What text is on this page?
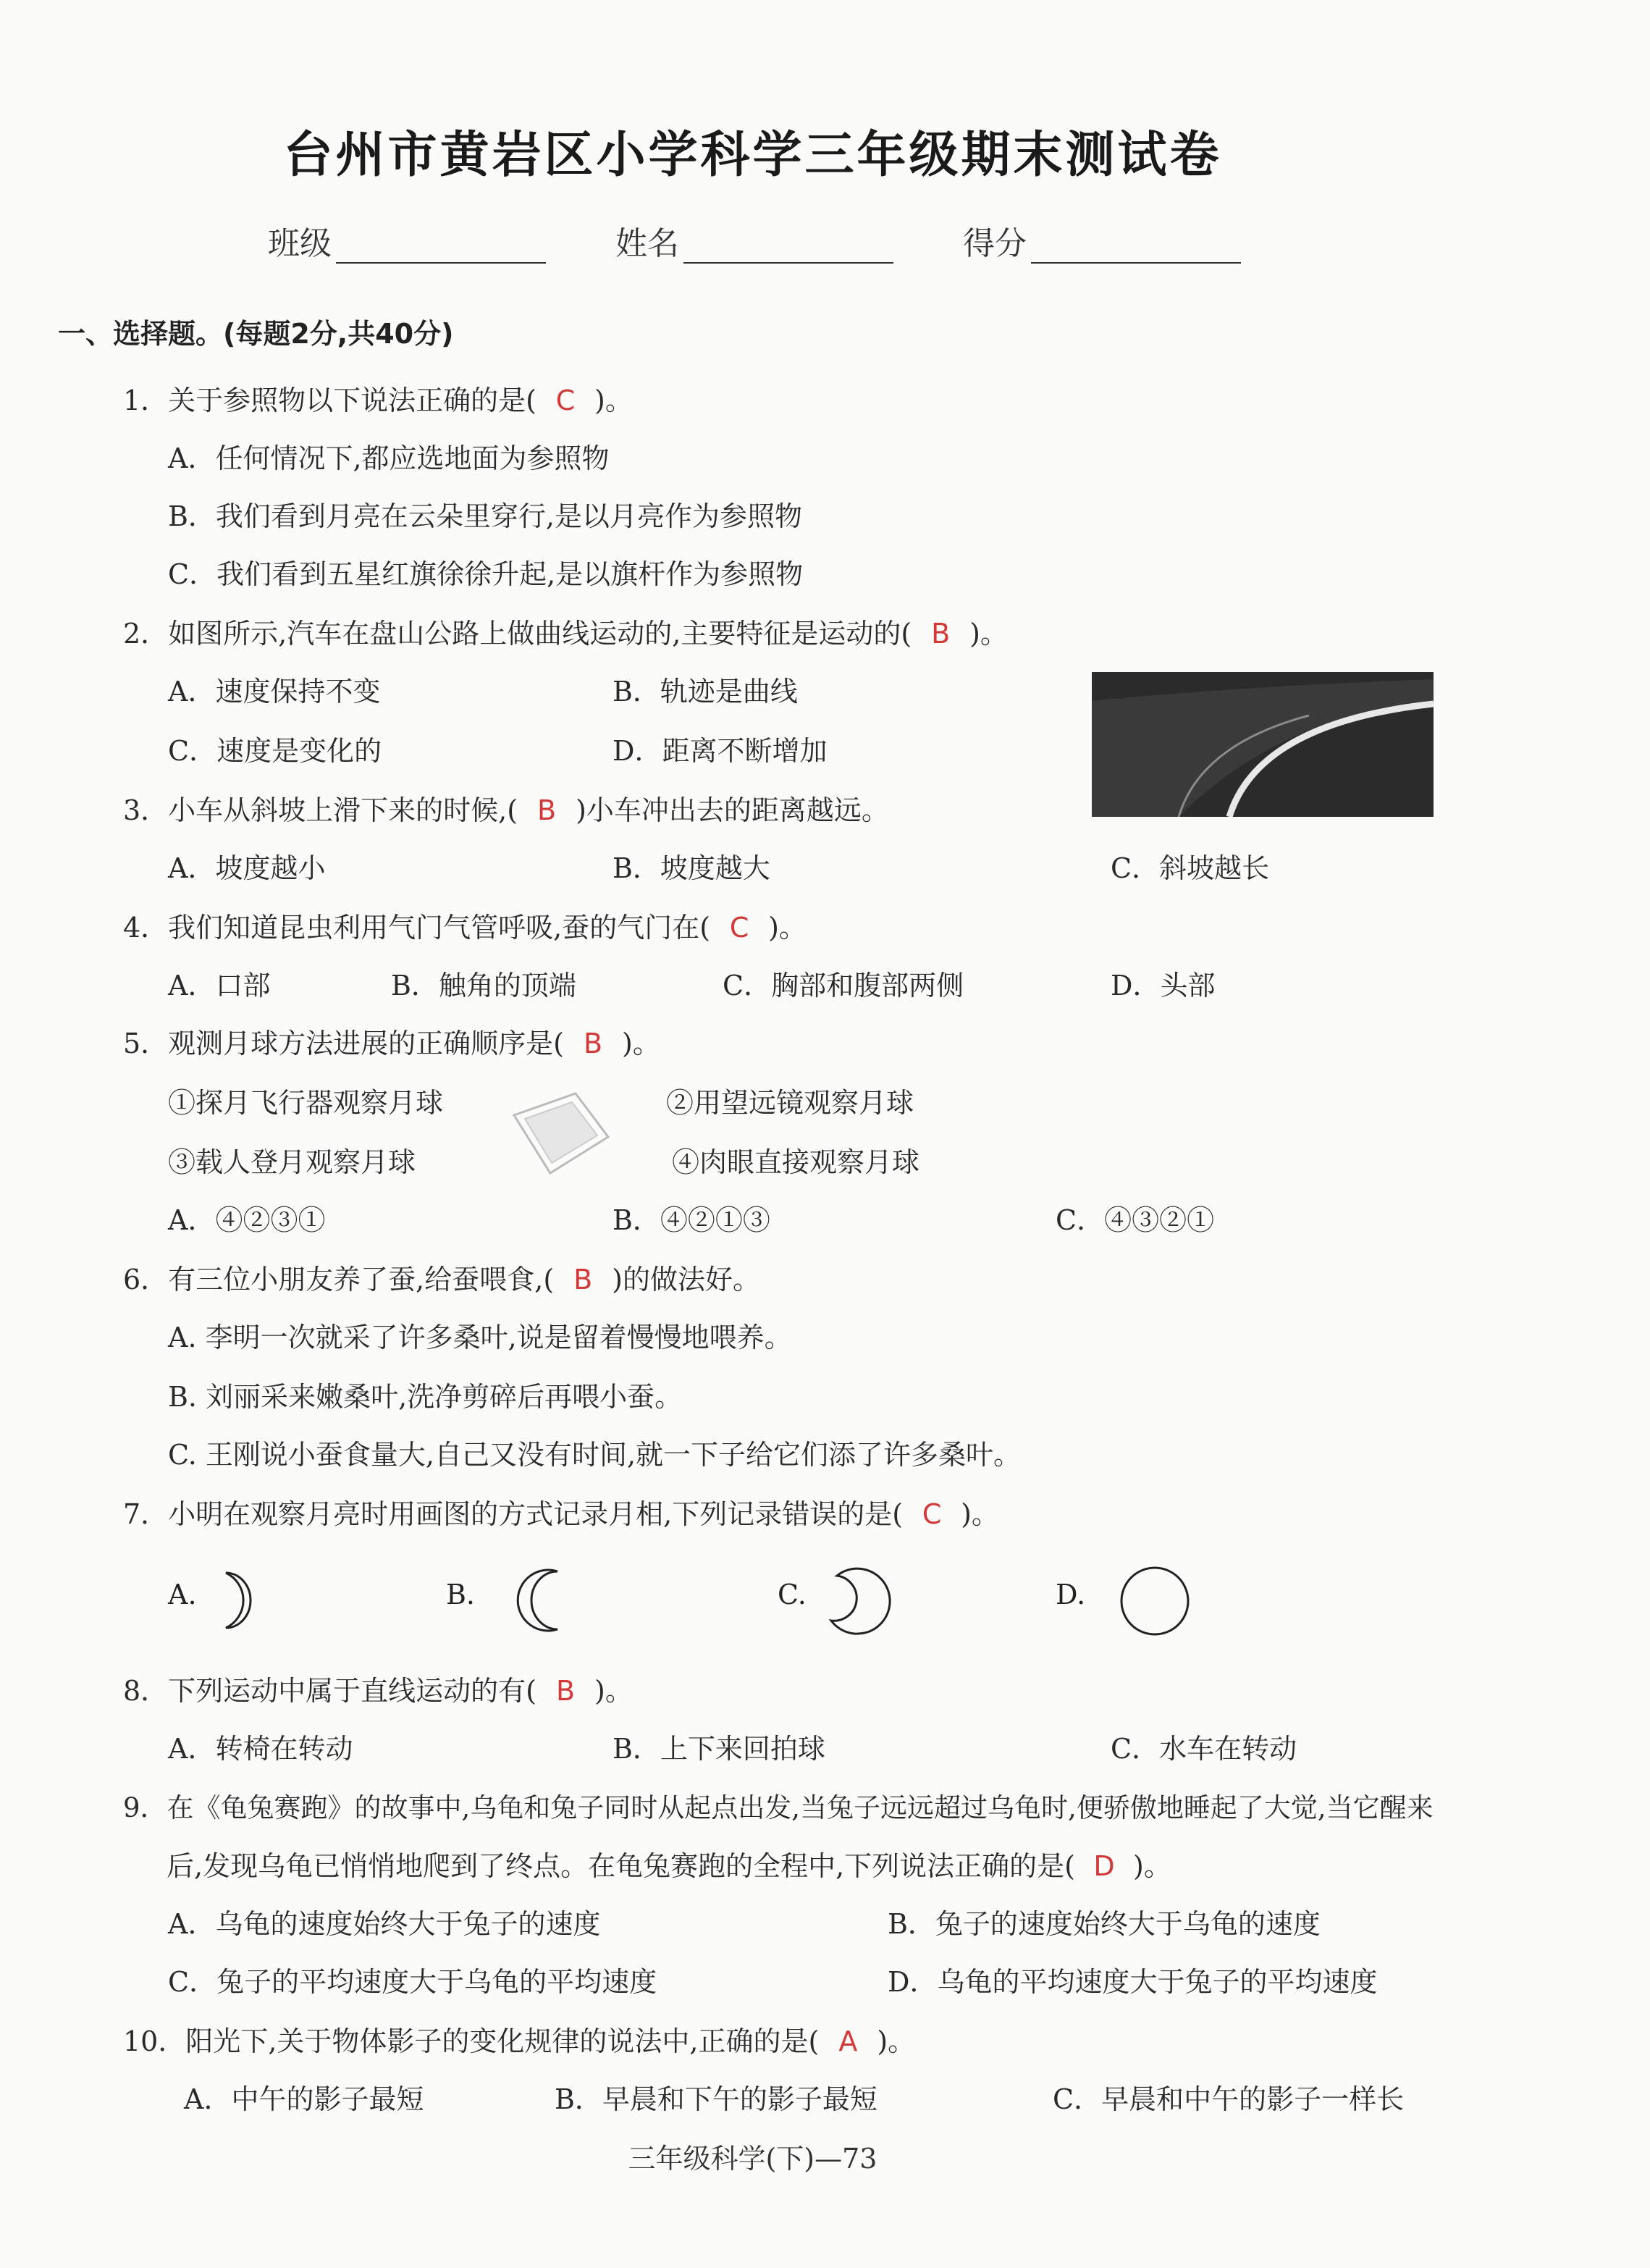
台州市黄岩区小学科学三年级期末测试卷
班级	姓名	得分
一、选择题。(每题2分,共40分)
1．关于参照物以下说法正确的是( C )。
A．任何情况下,都应选地面为参照物
B．我们看到月亮在云朵里穿行,是以月亮作为参照物
C．我们看到五星红旗徐徐升起,是以旗杆作为参照物
2．如图所示,汽车在盘山公路上做曲线运动的,主要特征是运动的( B )。
A．速度保持不变	B．轨迹是曲线
C．速度是变化的	D．距离不断增加
3．小车从斜坡上滑下来的时候,( B )小车冲出去的距离越远。
A．坡度越小	B．坡度越大	C．斜坡越长
4．我们知道昆虫利用气门气管呼吸,蚕的气门在( C )。
A．口部	B．触角的顶端	C．胸部和腹部两侧	D．头部
5．观测月球方法进展的正确顺序是( B )。
①探月飞行器观察月球	②用望远镜观察月球
③载人登月观察月球	④肉眼直接观察月球
A．④②③①	B．④②①③	C．④③②①
6．有三位小朋友养了蚕,给蚕喂食,( B )的做法好。
A. 李明一次就采了许多桑叶,说是留着慢慢地喂养。
B. 刘丽采来嫩桑叶,洗净剪碎后再喂小蚕。
C. 王刚说小蚕食量大,自己又没有时间,就一下子给它们添了许多桑叶。
7．小明在观察月亮时用画图的方式记录月相,下列记录错误的是( C )。
A.	B.	C.	D.
8．下列运动中属于直线运动的有( B )。
A．转椅在转动	B．上下来回拍球	C．水车在转动
9．在《龟兔赛跑》的故事中,乌龟和兔子同时从起点出发,当兔子远远超过乌龟时,便骄傲地睡起了大觉,当它醒来
后,发现乌龟已悄悄地爬到了终点。在龟兔赛跑的全程中,下列说法正确的是( D )。
A．乌龟的速度始终大于兔子的速度	B．兔子的速度始终大于乌龟的速度
C．兔子的平均速度大于乌龟的平均速度	D．乌龟的平均速度大于兔子的平均速度
10．阳光下,关于物体影子的变化规律的说法中,正确的是( A )。
A．中午的影子最短	B．早晨和下午的影子最短	C．早晨和中午的影子一样长
三年级科学(下)—73
